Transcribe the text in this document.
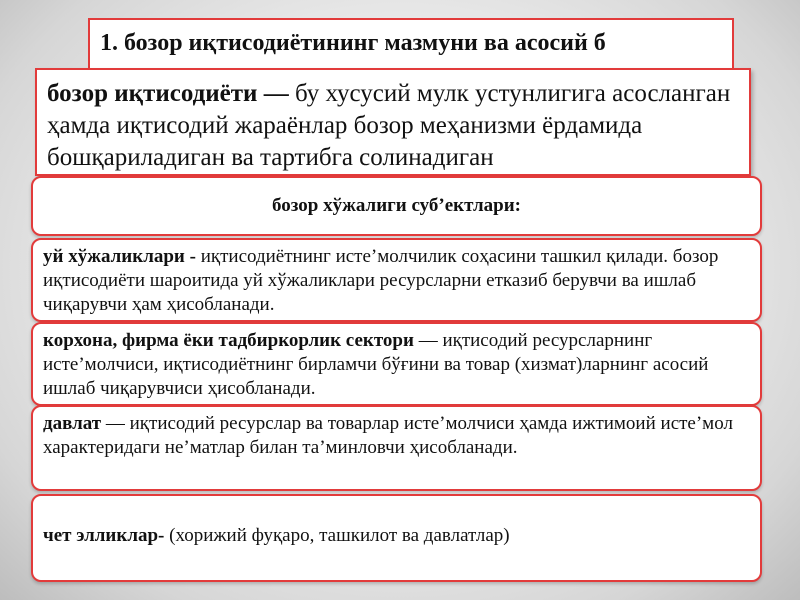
1. бозор иқтисодиётининг мазмуни ва асосий б

бозор иқтисодиёти — бу хусусий мулк устунлигига асосланган ҳамда иқтисодий жараёнлар бозор меҳанизми ёрдамида бошқариладиган ва тартибга солинадиган

бозор хўжалиги суб’ектлари:

уй хўжаликлари - иқтисодиётнинг исте’молчилик соҳасини ташкил қилади. бозор иқтисодиёти шароитида уй хўжаликлари ресурсларни етказиб берувчи ва ишлаб чиқарувчи ҳам ҳисобланади.

корхона, фирма ёки тадбиркорлик сектори — иқтисодий ресурсларнинг исте’молчиси, иқтисодиётнинг бирламчи бўғини ва товар (хизмат)ларнинг асосий ишлаб чиқарувчиси ҳисобланади.

давлат — иқтисодий ресурслар ва товарлар исте’молчиси ҳамда ижтимоий исте’мол характеридаги не’матлар билан та’минловчи ҳисобланади.

чет элликлар- (хорижий фуқаро, ташкилот ва давлатлар)
